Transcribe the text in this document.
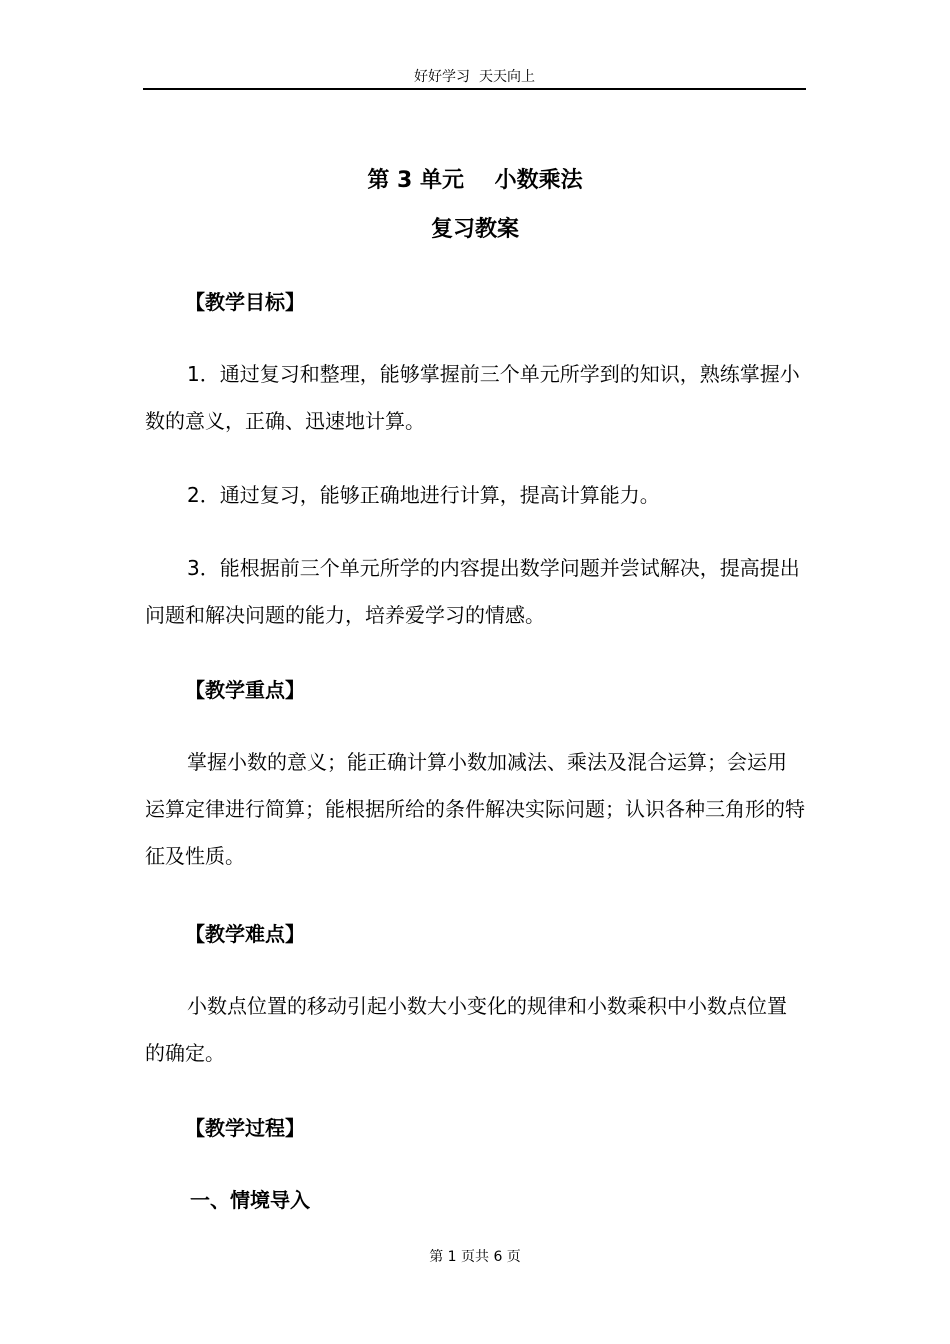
好好学习  天天向上
第 3 单元    小数乘法
复习教案
【教学目标】

1．通过复习和整理，能够掌握前三个单元所学到的知识，熟练掌握小数的意义，正确、迅速地计算。

2．通过复习，能够正确地进行计算，提高计算能力。

3．能根据前三个单元所学的内容提出数学问题并尝试解决，提高提出问题和解决问题的能力，培养爱学习的情感。

【教学重点】

掌握小数的意义；能正确计算小数加减法、乘法及混合运算；会运用运算定律进行简算；能根据所给的条件解决实际问题；认识各种三角形的特征及性质。

【教学难点】

小数点位置的移动引起小数大小变化的规律和小数乘积中小数点位置的确定。

【教学过程】
一、情境导入
第 1 页共 6 页
